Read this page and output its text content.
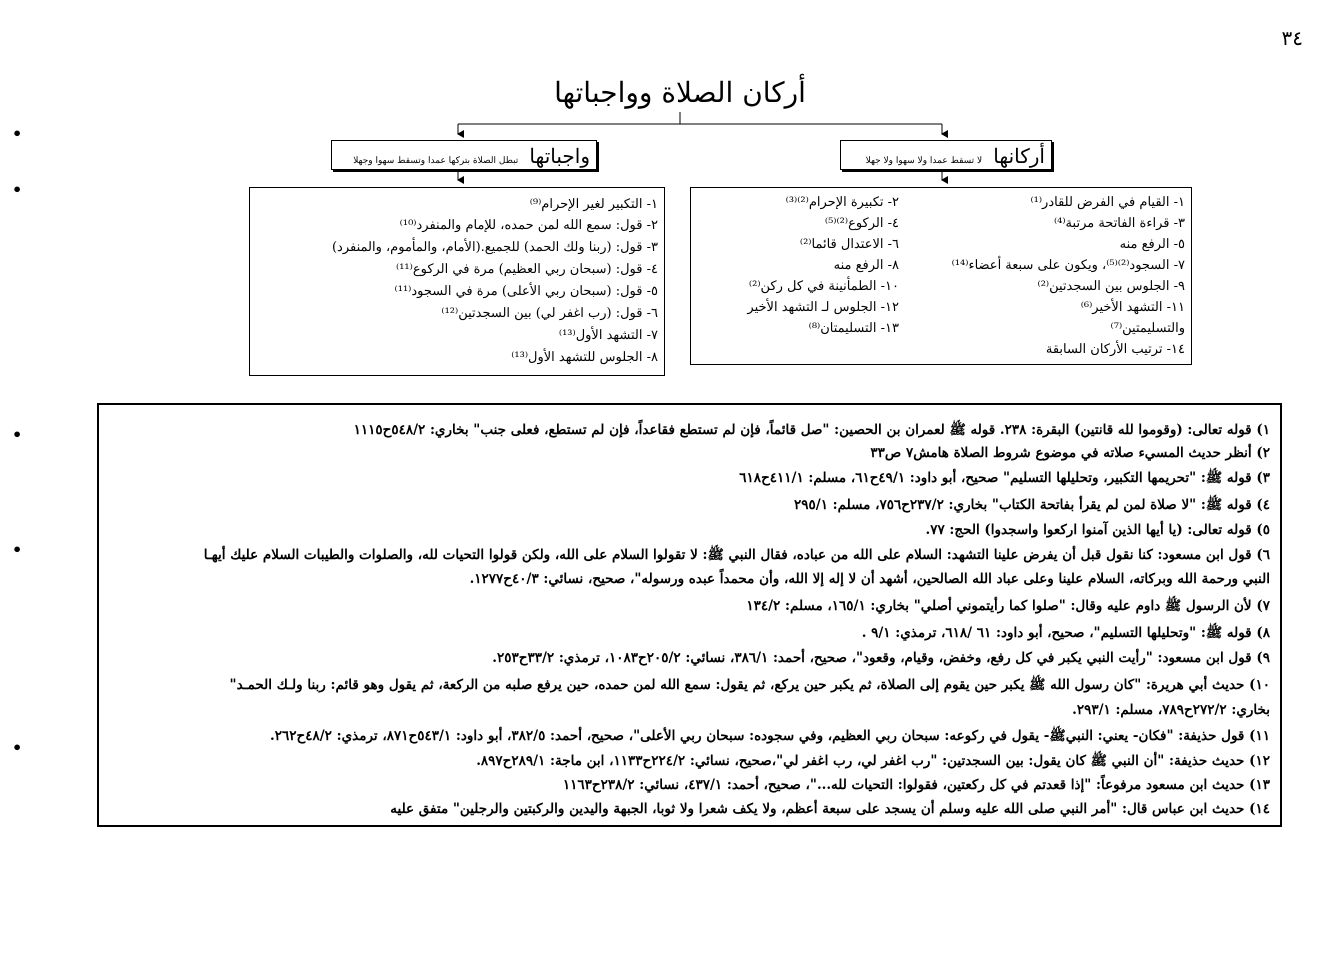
٣٤
أركان الصلاة وواجباتها
•
•
•
•
•
واجباتها تبطل الصلاة بتركها عمدا وتسقط سهوا وجهلا	أركانها لا تسقط عمدا ولا سهوا ولا جهلا
١- التكبير لغير الإحرام⁽⁹⁾
٢- قول: سمع الله لمن حمده، للإمام والمنفرد⁽¹⁰⁾
٣- قول: (ربنا ولك الحمد) للجميع.(الأمام، والمأموم، والمنفرد)
٤- قول: (سبحان ربي العظيم) مرة في الركوع⁽¹¹⁾
٥- قول: (سبحان ربي الأعلى) مرة في السجود⁽¹¹⁾
٦- قول: (رب اغفر لي) بين السجدتين⁽¹²⁾
٧- التشهد الأول⁽¹³⁾
٨- الجلوس للتشهد الأول⁽¹³⁾
١- القيام في الفرض للقادر⁽¹⁾
٣- قراءة الفاتحة مرتبة⁽⁴⁾
٥- الرفع منه
٧- السجود⁽²⁾⁽⁵⁾، ويكون على سبعة أعضاء⁽¹⁴⁾
٩- الجلوس بين السجدتين⁽²⁾
١١- التشهد الأخير⁽⁶⁾
والتسليمتين⁽⁷⁾
١٤- ترتيب الأركان السابقة
٢- تكبيرة الإحرام⁽²⁾⁽³⁾
٤- الركوع⁽²⁾⁽⁵⁾
٦- الاعتدال قائما⁽²⁾
٨- الرفع منه
١٠- الطمأنينة في كل ركن⁽²⁾
١٢- الجلوس لـ التشهد الأخير
١٣- التسليمتان⁽⁸⁾
١) قوله تعالى: (وقوموا لله قانتين) البقرة: ٢٣٨. قوله ﷺ لعمران بن الحصين: "صل قائماً، فإن لم تستطع فقاعداً، فإن لم تستطع، فعلى جنب" بخاري: ٥٤٨/٢ح١١١٥
٢) أنظر حديث المسيء صلاته في موضوع شروط الصلاة هامش٧ ص٣٣
٣) قوله ﷺ: "تحريمها التكبير، وتحليلها التسليم" صحيح، أبو داود: ٤٩/١ح٦١، مسلم: ٤١١/١ح٦١٨
٤) قوله ﷺ: "لا صلاة لمن لم يقرأ بفاتحة الكتاب" بخاري: ٢٣٧/٢ح٧٥٦، مسلم: ٢٩٥/١
٥) قوله تعالى: (يا أيها الذين آمنوا اركعوا واسجدوا) الحج: ٧٧.
٦) قول ابن مسعود: كنا نقول قبل أن يفرض علينا التشهد: السلام على الله من عباده، فقال النبي ﷺ: لا تقولوا السلام على الله، ولكن قولوا التحيات لله، والصلوات والطيبات السلام عليك أيهـا
النبي ورحمة الله وبركاته، السلام علينا وعلى عباد الله الصالحين، أشهد أن لا إله إلا الله، وأن محمداً عبده ورسوله"، صحيح، نسائي: ٤٠/٣ح١٢٧٧.
٧) لأن الرسول ﷺ داوم عليه وقال: "صلوا كما رأيتموني أصلي" بخاري: ١٦٥/١، مسلم: ١٣٤/٢
٨) قوله ﷺ: "وتحليلها التسليم"، صحيح، أبو داود: ٦١ /٦١٨، ترمذي: ٩/١ .
٩) قول ابن مسعود: "رأيت النبي يكبر في كل رفع، وخفض، وقيام، وقعود"، صحيح، أحمد: ٣٨٦/١، نسائي: ٢٠٥/٢ح١٠٨٣، ترمذي: ٣٣/٢ح٢٥٣.
١٠) حديث أبي هريرة: "كان رسول الله ﷺ يكبر حين يقوم إلى الصلاة، ثم يكبر حين يركع، ثم يقول: سمع الله لمن حمده، حين يرفع صلبه من الركعة، ثم يقول وهو قائم: ربنا ولـك الحمـد"
بخاري: ٢٧٢/٢ح٧٨٩، مسلم: ٢٩٣/١.
١١) قول حذيفة: "فكان- يعني: النبيﷺ- يقول في ركوعه: سبحان ربي العظيم، وفي سجوده: سبحان ربي الأعلى"، صحيح، أحمد: ٣٨٢/٥، أبو داود: ٥٤٣/١ح٨٧١، ترمذي: ٤٨/٢ح٢٦٢.
١٢) حديث حذيفة: "أن النبي ﷺ كان يقول: بين السجدتين: "رب اغفر لي، رب اغفر لي"،صحيح، نسائي: ٢٢٤/٢ح١١٣٣، ابن ماجة: ٢٨٩/١ح٨٩٧.
١٣) حديث ابن مسعود مرفوعاً: "إذا قعدتم في كل ركعتين، فقولوا: التحيات لله..."، صحيح، أحمد: ٤٣٧/١، نسائي: ٢٣٨/٢ح١١٦٣
١٤) حديث ابن عباس قال: "أمر النبي صلى الله عليه وسلم أن يسجد على سبعة أعظم، ولا يكف شعرا ولا ثوبا، الجبهة واليدين والركبتين والرجلين" متفق عليه
